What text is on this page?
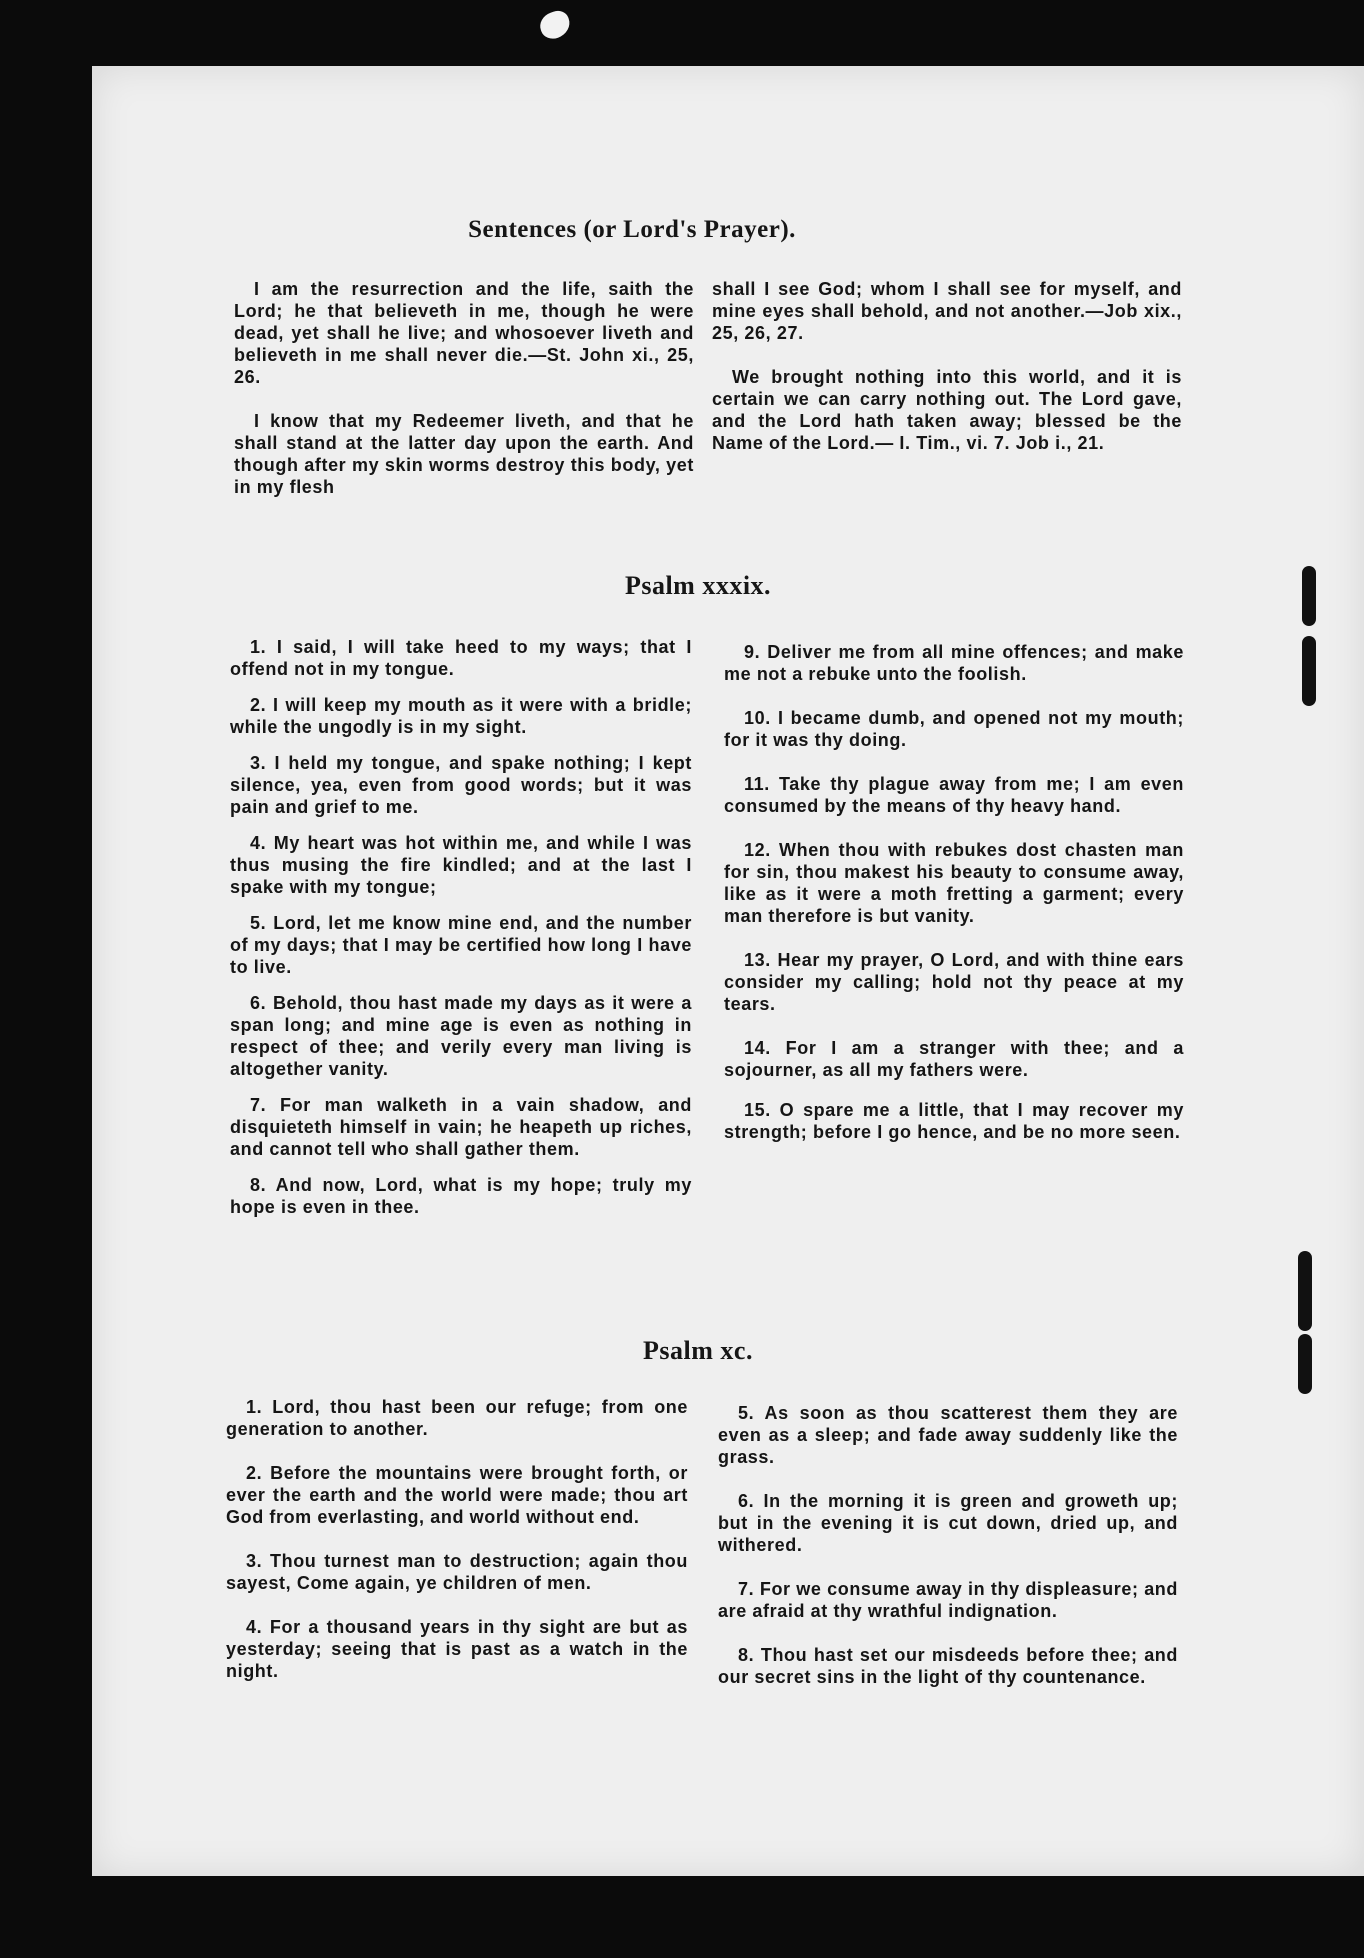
Sentences (or Lord's Prayer).

I am the resurrection and the life, saith the Lord; he that believeth in me, though he were dead, yet shall he live; and whosoever liveth and believeth in me shall never die.—St. John xi., 25, 26.

I know that my Redeemer liveth, and that he shall stand at the latter day upon the earth. And though after my skin worms destroy this body, yet in my flesh

shall I see God; whom I shall see for myself, and mine eyes shall behold, and not another.—Job xix., 25, 26, 27.

We brought nothing into this world, and it is certain we can carry nothing out. The Lord gave, and the Lord hath taken away; blessed be the Name of the Lord.— I. Tim., vi. 7. Job i., 21.

Psalm xxxix.

1. I said, I will take heed to my ways; that I offend not in my tongue.

2. I will keep my mouth as it were with a bridle; while the ungodly is in my sight.

3. I held my tongue, and spake nothing; I kept silence, yea, even from good words; but it was pain and grief to me.

4. My heart was hot within me, and while I was thus musing the fire kindled; and at the last I spake with my tongue;

5. Lord, let me know mine end, and the number of my days; that I may be certified how long I have to live.

6. Behold, thou hast made my days as it were a span long; and mine age is even as nothing in respect of thee; and verily every man living is altogether vanity.

7. For man walketh in a vain shadow, and disquieteth himself in vain; he heapeth up riches, and cannot tell who shall gather them.

8. And now, Lord, what is my hope; truly my hope is even in thee.

9. Deliver me from all mine offences; and make me not a rebuke unto the foolish.

10. I became dumb, and opened not my mouth; for it was thy doing.

11. Take thy plague away from me; I am even consumed by the means of thy heavy hand.

12. When thou with rebukes dost chasten man for sin, thou makest his beauty to consume away, like as it were a moth fretting a garment; every man therefore is but vanity.

13. Hear my prayer, O Lord, and with thine ears consider my calling; hold not thy peace at my tears.

14. For I am a stranger with thee; and a sojourner, as all my fathers were.

15. O spare me a little, that I may recover my strength; before I go hence, and be no more seen.

Psalm xc.

1. Lord, thou hast been our refuge; from one generation to another.

2. Before the mountains were brought forth, or ever the earth and the world were made; thou art God from everlasting, and world without end.

3. Thou turnest man to destruction; again thou sayest, Come again, ye children of men.

4. For a thousand years in thy sight are but as yesterday; seeing that is past as a watch in the night.

5. As soon as thou scatterest them they are even as a sleep; and fade away suddenly like the grass.

6. In the morning it is green and groweth up; but in the evening it is cut down, dried up, and withered.

7. For we consume away in thy displeasure; and are afraid at thy wrathful indignation.

8. Thou hast set our misdeeds before thee; and our secret sins in the light of thy countenance.
